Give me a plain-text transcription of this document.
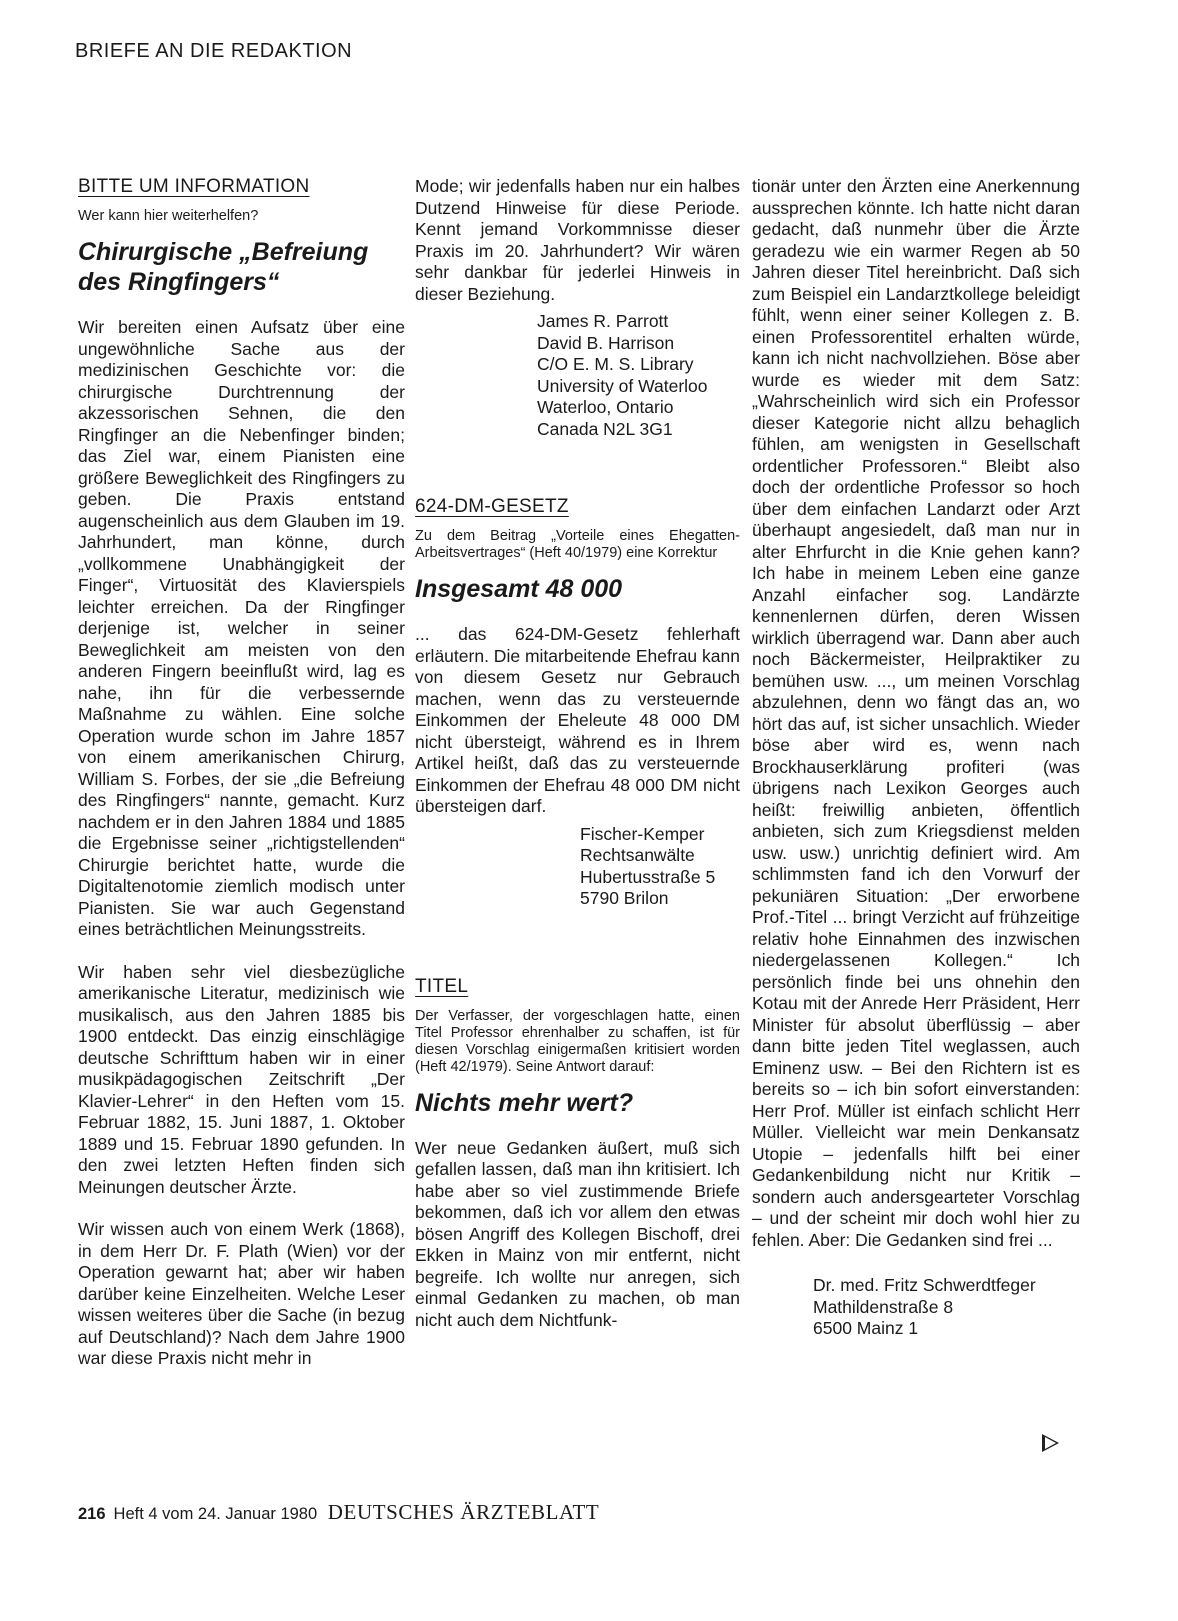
BRIEFE AN DIE REDAKTION
BITTE UM INFORMATION
Wer kann hier weiterhelfen?
Chirurgische „Befreiung des Ringfingers“

Wir bereiten einen Aufsatz über eine ungewöhnliche Sache aus der medizinischen Geschichte vor: die chirurgische Durchtrennung der akzessorischen Sehnen, die den Ringfinger an die Nebenfinger binden; das Ziel war, einem Pianisten eine größere Beweglichkeit des Ringfingers zu geben. Die Praxis entstand augenscheinlich aus dem Glauben im 19. Jahrhundert, man könne, durch „vollkommene Unabhängigkeit der Finger“, Virtuosität des Klavierspiels leichter erreichen. Da der Ringfinger derjenige ist, welcher in seiner Beweglichkeit am meisten von den anderen Fingern beeinflußt wird, lag es nahe, ihn für die verbessernde Maßnahme zu wählen. Eine solche Operation wurde schon im Jahre 1857 von einem amerikanischen Chirurg, William S. Forbes, der sie „die Befreiung des Ringfingers“ nannte, gemacht. Kurz nachdem er in den Jahren 1884 und 1885 die Ergebnisse seiner „richtigstellenden“ Chirurgie berichtet hatte, wurde die Digitaltenotomie ziemlich modisch unter Pianisten. Sie war auch Gegenstand eines beträchtlichen Meinungsstreits.

Wir haben sehr viel diesbezügliche amerikanische Literatur, medizinisch wie musikalisch, aus den Jahren 1885 bis 1900 entdeckt. Das einzig einschlägige deutsche Schrifttum haben wir in einer musikpädagogischen Zeitschrift „Der Klavier-Lehrer“ in den Heften vom 15. Februar 1882, 15. Juni 1887, 1. Oktober 1889 und 15. Februar 1890 gefunden. In den zwei letzten Heften finden sich Meinungen deutscher Ärzte.

Wir wissen auch von einem Werk (1868), in dem Herr Dr. F. Plath (Wien) vor der Operation gewarnt hat; aber wir haben darüber keine Einzelheiten. Welche Leser wissen weiteres über die Sache (in bezug auf Deutschland)? Nach dem Jahre 1900 war diese Praxis nicht mehr in

Mode; wir jedenfalls haben nur ein halbes Dutzend Hinweise für diese Periode. Kennt jemand Vorkommnisse dieser Praxis im 20. Jahrhundert? Wir wären sehr dankbar für jederlei Hinweis in dieser Beziehung.

James R. Parrott
David B. Harrison
C/O E. M. S. Library
University of Waterloo
Waterloo, Ontario
Canada N2L 3G1
624-DM-GESETZ
Zu dem Beitrag „Vorteile eines Ehegatten-Arbeitsvertrages“ (Heft 40/1979) eine Korrektur
Insgesamt 48 000

... das 624-DM-Gesetz fehlerhaft erläutern. Die mitarbeitende Ehefrau kann von diesem Gesetz nur Gebrauch machen, wenn das zu versteuernde Einkommen der Eheleute 48 000 DM nicht übersteigt, während es in Ihrem Artikel heißt, daß das zu versteuernde Einkommen der Ehefrau 48 000 DM nicht übersteigen darf.

Fischer-Kemper
Rechtsanwälte
Hubertusstraße 5
5790 Brilon
TITEL
Der Verfasser, der vorgeschlagen hatte, einen Titel Professor ehrenhalber zu schaffen, ist für diesen Vorschlag einigermaßen kritisiert worden (Heft 42/1979). Seine Antwort darauf:
Nichts mehr wert?

Wer neue Gedanken äußert, muß sich gefallen lassen, daß man ihn kritisiert. Ich habe aber so viel zustimmende Briefe bekommen, daß ich vor allem den etwas bösen Angriff des Kollegen Bischoff, drei Ekken in Mainz von mir entfernt, nicht begreife. Ich wollte nur anregen, sich einmal Gedanken zu machen, ob man nicht auch dem Nichtfunk-

tionär unter den Ärzten eine Anerkennung aussprechen könnte. Ich hatte nicht daran gedacht, daß nunmehr über die Ärzte geradezu wie ein warmer Regen ab 50 Jahren dieser Titel hereinbricht. Daß sich zum Beispiel ein Landarztkollege beleidigt fühlt, wenn einer seiner Kollegen z. B. einen Professorentitel erhalten würde, kann ich nicht nachvollziehen. Böse aber wurde es wieder mit dem Satz: „Wahrscheinlich wird sich ein Professor dieser Kategorie nicht allzu behaglich fühlen, am wenigsten in Gesellschaft ordentlicher Professoren.“ Bleibt also doch der ordentliche Professor so hoch über dem einfachen Landarzt oder Arzt überhaupt angesiedelt, daß man nur in alter Ehrfurcht in die Knie gehen kann? Ich habe in meinem Leben eine ganze Anzahl einfacher sog. Landärzte kennenlernen dürfen, deren Wissen wirklich überragend war. Dann aber auch noch Bäckermeister, Heilpraktiker zu bemühen usw. ..., um meinen Vorschlag abzulehnen, denn wo fängt das an, wo hört das auf, ist sicher unsachlich. Wieder böse aber wird es, wenn nach Brockhauserklärung profiteri (was übrigens nach Lexikon Georges auch heißt: freiwillig anbieten, öffentlich anbieten, sich zum Kriegsdienst melden usw. usw.) unrichtig definiert wird. Am schlimmsten fand ich den Vorwurf der pekuniären Situation: „Der erworbene Prof.-Titel ... bringt Verzicht auf frühzeitige relativ hohe Einnahmen des inzwischen niedergelassenen Kollegen.“ Ich persönlich finde bei uns ohnehin den Kotau mit der Anrede Herr Präsident, Herr Minister für absolut überflüssig – aber dann bitte jeden Titel weglassen, auch Eminenz usw. – Bei den Richtern ist es bereits so – ich bin sofort einverstanden: Herr Prof. Müller ist einfach schlicht Herr Müller. Vielleicht war mein Denkansatz Utopie – jedenfalls hilft bei einer Gedankenbildung nicht nur Kritik – sondern auch andersgearteter Vorschlag – und der scheint mir doch wohl hier zu fehlen. Aber: Die Gedanken sind frei ...

Dr. med. Fritz Schwerdtfeger
Mathildenstraße 8
6500 Mainz 1
216 Heft 4 vom 24. Januar 1980 DEUTSCHES ÄRZTEBLATT
